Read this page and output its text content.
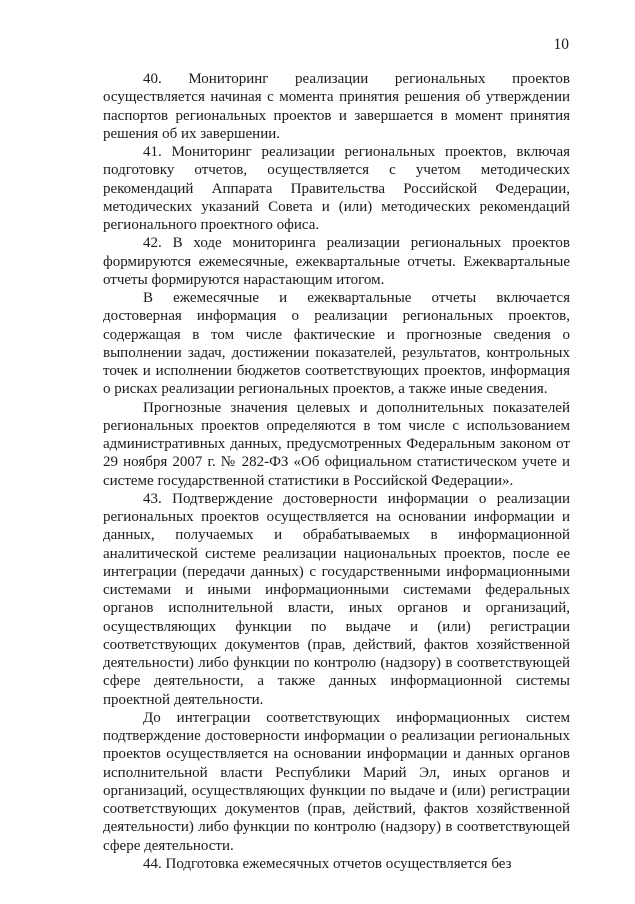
10

40. Мониторинг реализации региональных проектов осуществляется начиная с момента принятия решения об утверждении паспортов региональных проектов и завершается в момент принятия решения об их завершении.

41. Мониторинг реализации региональных проектов, включая подготовку отчетов, осуществляется с учетом методических рекомендаций Аппарата Правительства Российской Федерации, методических указаний Совета и (или) методических рекомендаций регионального проектного офиса.

42. В ходе мониторинга реализации региональных проектов формируются ежемесячные, ежеквартальные отчеты. Ежеквартальные отчеты формируются нарастающим итогом.

В ежемесячные и ежеквартальные отчеты включается достоверная информация о реализации региональных проектов, содержащая в том числе фактические и прогнозные сведения о выполнении задач, достижении показателей, результатов, контрольных точек и исполнении бюджетов соответствующих проектов, информация о рисках реализации региональных проектов, а также иные сведения.

Прогнозные значения целевых и дополнительных показателей региональных проектов определяются в том числе с использованием административных данных, предусмотренных Федеральным законом от 29 ноября 2007 г. № 282-ФЗ «Об официальном статистическом учете и системе государственной статистики в Российской Федерации».

43. Подтверждение достоверности информации о реализации региональных проектов осуществляется на основании информации и данных, получаемых и обрабатываемых в информационной аналитической системе реализации национальных проектов, после ее интеграции (передачи данных) с государственными информационными системами и иными информационными системами федеральных органов исполнительной власти, иных органов и организаций, осуществляющих функции по выдаче и (или) регистрации соответствующих документов (прав, действий, фактов хозяйственной деятельности) либо функции по контролю (надзору) в соответствующей сфере деятельности, а также данных информационной системы проектной деятельности.

До интеграции соответствующих информационных систем подтверждение достоверности информации о реализации региональных проектов осуществляется на основании информации и данных органов исполнительной власти Республики Марий Эл, иных органов и организаций, осуществляющих функции по выдаче и (или) регистрации соответствующих документов (прав, действий, фактов хозяйственной деятельности) либо функции по контролю (надзору) в соответствующей сфере деятельности.

44. Подготовка ежемесячных отчетов осуществляется без
